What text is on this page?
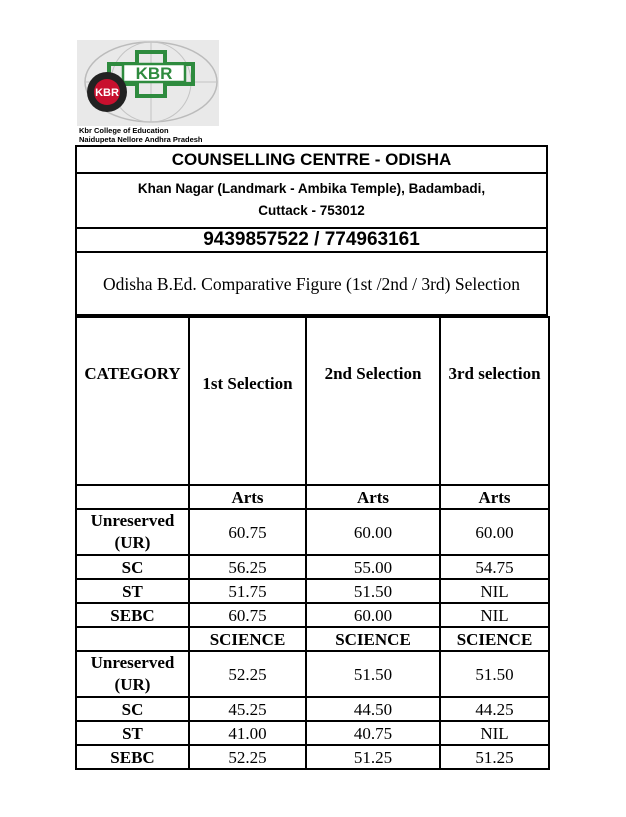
KBR
KBR
Kbr College of Education
Naidupeta Nellore Andhra Pradesh
COUNSELLING CENTRE - ODISHA
Khan Nagar (Landmark - Ambika Temple), Badambadi,
Cuttack - 753012
9439857522 / 774963161
Odisha B.Ed. Comparative Figure (1st /2nd / 3rd) Selection
CATEGORY	1st Selection	2nd Selection	3rd selection
	Arts	Arts	Arts
Unreserved
(UR)	60.75	60.00	60.00
SC	56.25	55.00	54.75
ST	51.75	51.50	NIL
SEBC	60.75	60.00	NIL
	SCIENCE	SCIENCE	SCIENCE
Unreserved
(UR)	52.25	51.50	51.50
SC	45.25	44.50	44.25
ST	41.00	40.75	NIL
SEBC	52.25	51.25	51.25
